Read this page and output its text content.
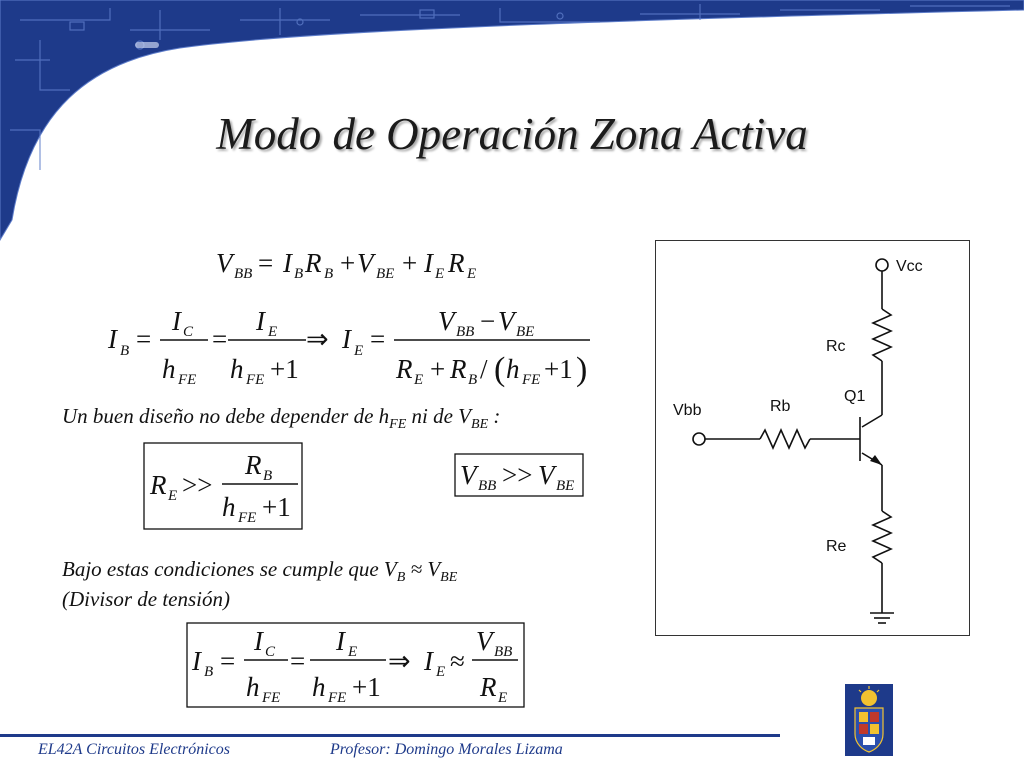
Modo de Operación Zona Activa
V BB = I B R B + V BE + I E R E
I B =
I C
h FE
=
I E
h FE +1
⇒ I E =
V BB − V BE
R E + R B / ( h FE +1 )
R E >>
R B
h FE +1
V BB >> V BE
I B =
I C
h FE
=
I E
h FE +1
⇒ I E ≈
V BB
R E
Un buen diseño no debe depender de $h_{FE}$ ni de $V_{BE}$ :
Bajo estas condiciones se cumple que $V_B \approx V_{BE}$
(Divisor de tensión)
Vcc
Rc
Q1
Vbb	Rb
Re
EL42A Circuitos Electrónicos	Profesor: Domingo Morales Lizama
